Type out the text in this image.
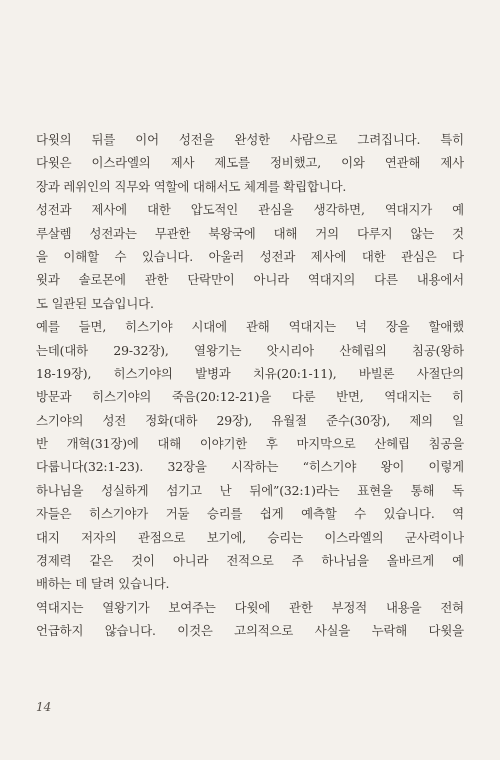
다윗의 뒤를 이어 성전을 완성한 사람으로 그려집니다. 특히
다윗은 이스라엘의 제사 제도를 정비했고, 이와 연관해 제사
장과 레위인의 직무와 역할에 대해서도 체계를 확립합니다.
성전과 제사에 대한 압도적인 관심을 생각하면, 역대지가 예
루살렘 성전과는 무관한 북왕국에 대해 거의 다루지 않는 것
을 이해할 수 있습니다. 아울러 성전과 제사에 대한 관심은 다
윗과 솔로몬에 관한 단락만이 아니라 역대지의 다른 내용에서
도 일관된 모습입니다.
예를 들면, 히스기야 시대에 관해 역대지는 넉 장을 할애했
는데(대하 29-32장), 열왕기는 앗시리아 산헤립의 침공(왕하
18-19장), 히스기야의 발병과 치유(20:1-11), 바빌론 사절단의
방문과 히스기야의 죽음(20:12-21)을 다룬 반면, 역대지는 히
스기야의 성전 정화(대하 29장), 유월절 준수(30장), 제의 일
반 개혁(31장)에 대해 이야기한 후 마지막으로 산헤립 침공을
다룹니다(32:1-23). 32장을 시작하는 “히스기야 왕이 이렇게
하나님을 성실하게 섬기고 난 뒤에”(32:1)라는 표현을 통해 독
자들은 히스기야가 거둘 승리를 쉽게 예측할 수 있습니다. 역
대지 저자의 관점으로 보기에, 승리는 이스라엘의 군사력이나
경제력 같은 것이 아니라 전적으로 주 하나님을 올바르게 예
배하는 데 달려 있습니다.
역대지는 열왕기가 보여주는 다윗에 관한 부정적 내용을 전혀
언급하지 않습니다. 이것은 고의적으로 사실을 누락해 다윗을
14
